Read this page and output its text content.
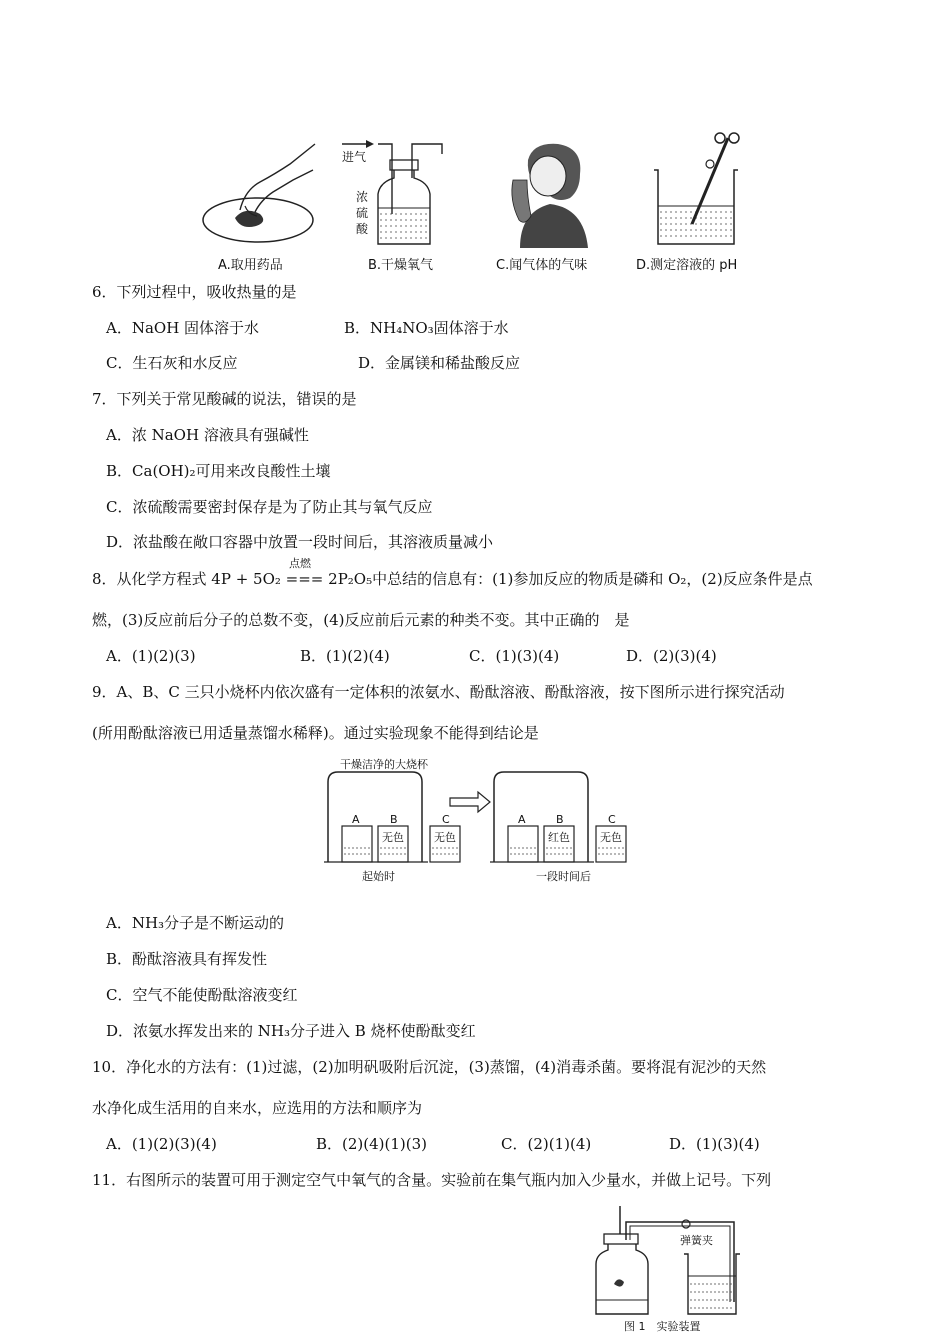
A.取用药品
进气
浓
硫
酸
B.干燥氧气	C.闻气体的气味	D.测定溶液的 pH
6．下列过程中，吸收热量的是
A．NaOH 固体溶于水	B．NH₄NO₃固体溶于水
C．生石灰和水反应	D．金属镁和稀盐酸反应
7．下列关于常见酸碱的说法，错误的是
A．浓 NaOH 溶液具有强碱性
B．Ca(OH)₂可用来改良酸性土壤
C．浓硫酸需要密封保存是为了防止其与氧气反应
D．浓盐酸在敞口容器中放置一段时间后，其溶液质量减小
点燃
8．从化学方程式 4P + 5O₂ === 2P₂O₅中总结的信息有：(1)参加反应的物质是磷和 O₂，(2)反应条件是点
燃，(3)反应前后分子的总数不变，(4)反应前后元素的种类不变。其中正确的　是
A．(1)(2)(3)	B．(1)(2)(4)	C．(1)(3)(4)	D．(2)(3)(4)
9．A、B、C 三只小烧杯内依次盛有一定体积的浓氨水、酚酞溶液、酚酞溶液，按下图所示进行探究活动
(所用酚酞溶液已用适量蒸馏水稀释)。通过实验现象不能得到结论是
干燥洁净的大烧杯
A	B
无色
C
无色
A	B
红色
C
无色
起始时	一段时间后
A．NH₃分子是不断运动的
B．酚酞溶液具有挥发性
C．空气不能使酚酞溶液变红
D．浓氨水挥发出来的 NH₃分子进入 B 烧杯使酚酞变红
10．净化水的方法有：(1)过滤，(2)加明矾吸附后沉淀，(3)蒸馏，(4)消毒杀菌。要将混有泥沙的天然
水净化成生活用的自来水，应选用的方法和顺序为
A．(1)(2)(3)(4)	B．(2)(4)(1)(3)	C．(2)(1)(4)	D．(1)(3)(4)
11．右图所示的装置可用于测定空气中氧气的含量。实验前在集气瓶内加入少量水，并做上记号。下列
弹簧夹
图 1　实验装置
